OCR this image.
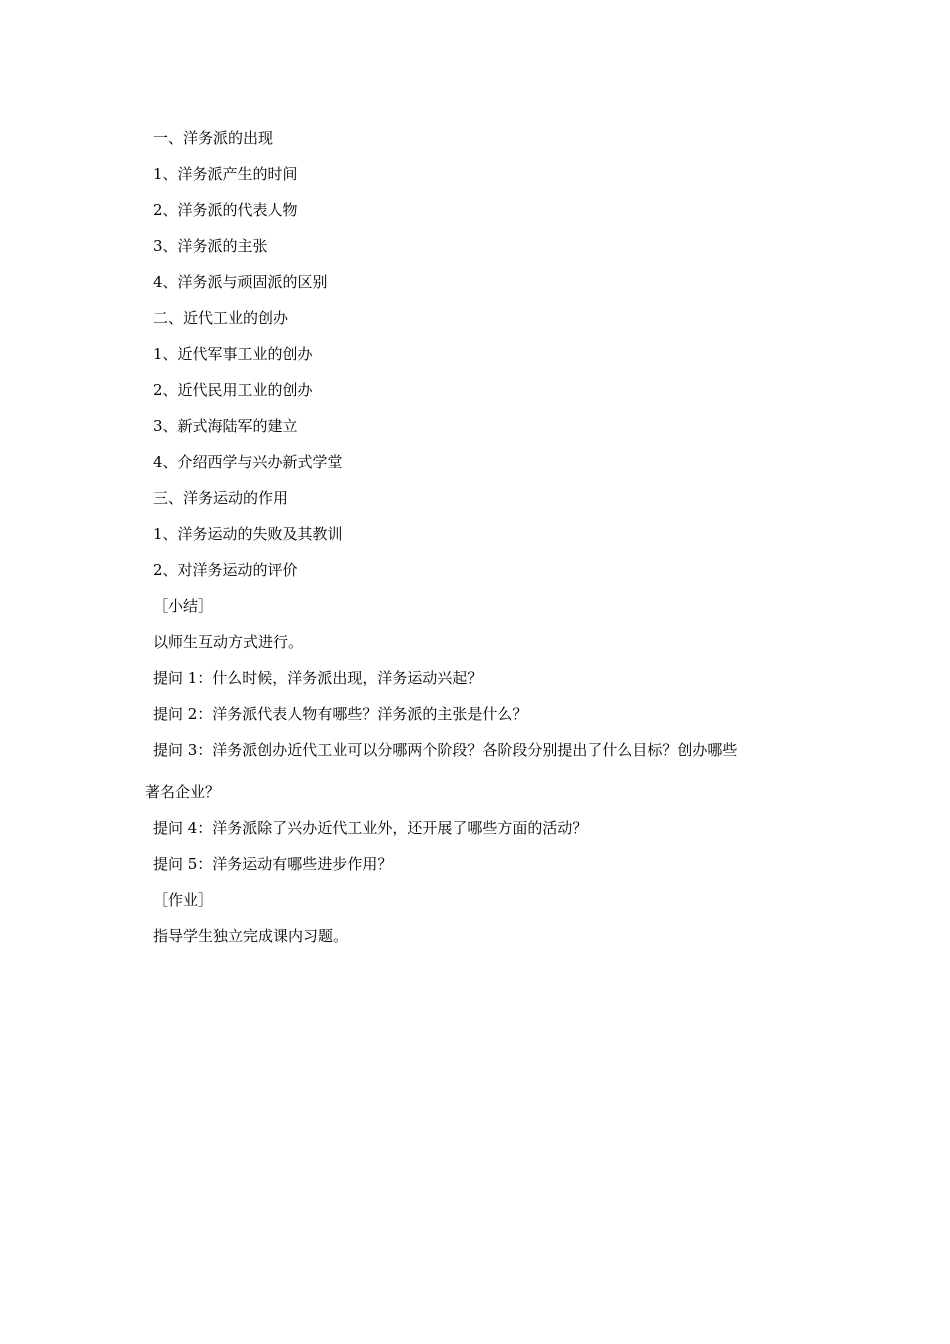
一、洋务派的出现
1、洋务派产生的时间
2、洋务派的代表人物
3、洋务派的主张
4、洋务派与顽固派的区别
二、近代工业的创办
1、近代军事工业的创办
2、近代民用工业的创办
3、新式海陆军的建立
4、介绍西学与兴办新式学堂
三、洋务运动的作用
1、洋务运动的失败及其教训
2、对洋务运动的评价
［小结］
以师生互动方式进行。
提问 1：什么时候，洋务派出现，洋务运动兴起？
提问 2：洋务派代表人物有哪些？洋务派的主张是什么？
提问 3：洋务派创办近代工业可以分哪两个阶段？各阶段分别提出了什么目标？创办哪些
著名企业？
提问 4：洋务派除了兴办近代工业外，还开展了哪些方面的活动？
提问 5：洋务运动有哪些进步作用？
［作业］
指导学生独立完成课内习题。
